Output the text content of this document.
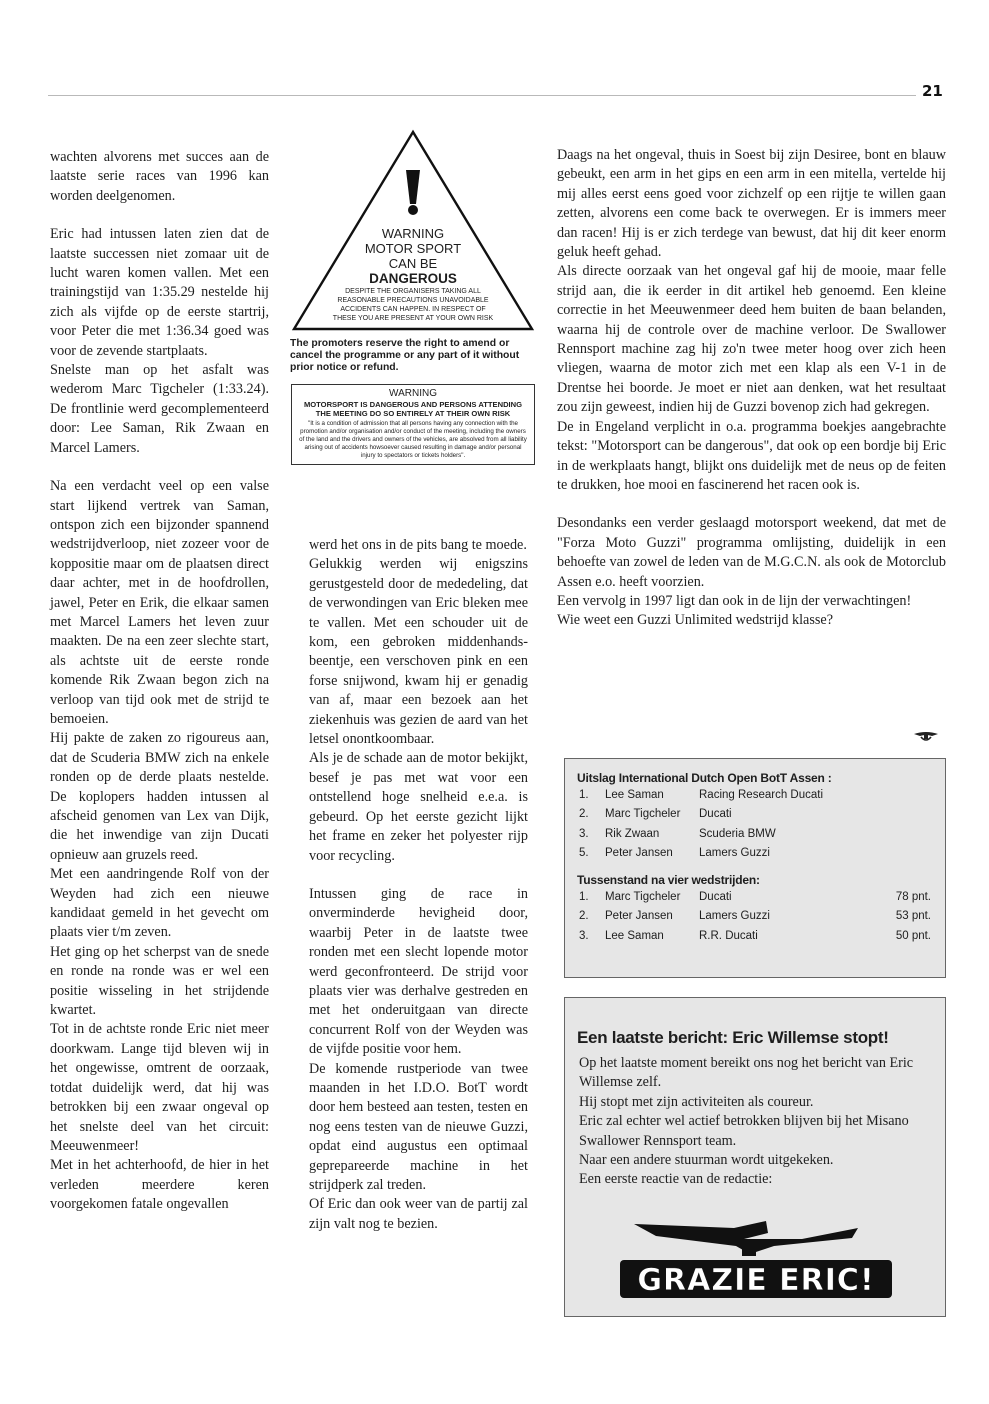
21

wachten alvorens met succes aan de laatste serie races van 1996 kan worden deelgenomen.

Eric had intussen laten zien dat de laatste successen niet zomaar uit de lucht waren komen vallen. Met een trainingstijd van 1:35.29 nestelde hij zich als vijfde op de eerste startrij, voor Peter die met 1:36.34 goed was voor de zevende startplaats.

Snelste man op het asfalt was wederom Marc Tigcheler (1:33.24). De frontlinie werd gecomplementeerd door: Lee Saman, Rik Zwaan en Marcel Lamers.

Na een verdacht veel op een valse start lijkend vertrek van Saman, ontspon zich een bijzonder spannend wedstrijdverloop, niet zozeer voor de koppositie maar om de plaatsen direct daar achter, met in de hoofdrollen, jawel, Peter en Erik, die elkaar samen met Marcel Lamers het leven zuur maakten. De na een zeer slechte start, als achtste uit de eerste ronde komende Rik Zwaan begon zich na verloop van tijd ook met de strijd te bemoeien.

Hij pakte de zaken zo rigoureus aan, dat de Scuderia BMW zich na enkele ronden op de derde plaats nestelde. De koplopers hadden intussen al afscheid genomen van Lex van Dijk, die het inwendige van zijn Ducati opnieuw aan gruzels reed.

Met een aandringende Rolf von der Weyden had zich een nieuwe kandidaat gemeld in het gevecht om plaats vier t/m zeven.

Het ging op het scherpst van de snede en ronde na ronde was er wel een positie wisseling in het strijdende kwartet.

Tot in de achtste ronde Eric niet meer doorkwam. Lange tijd bleven wij in het ongewisse, omtrent de oorzaak, totdat duidelijk werd, dat hij was betrokken bij een zwaar ongeval op het snelste deel van het circuit: Meeuwenmeer!

Met in het achterhoofd, de hier in het verleden meerdere keren voorgekomen fatale ongevallen

WARNING
MOTOR SPORT
CAN BE
DANGEROUS
DESPITE THE ORGANISERS TAKING ALL
REASONABLE PRECAUTIONS UNAVOIDABLE
ACCIDENTS CAN HAPPEN. IN RESPECT OF
THESE YOU ARE PRESENT AT YOUR OWN RISK
The promoters reserve the right to amend or cancel the programme or any part of it without prior notice or refund.
WARNING
MOTORSPORT IS DANGEROUS AND PERSONS ATTENDING THE MEETING DO SO ENTIRELY AT THEIR OWN RISK
"It is a condition of admission that all persons having any connection with the promotion and/or organisation and/or conduct of the meeting, including the owners of the land and the drivers and owners of the vehicles, are absolved from all liability arising out of accidents howsoever caused resulting in damage and/or personal injury to spectators or tickets holders".

werd het ons in de pits bang te moede.

Gelukkig werden wij enigszins gerustgesteld door de mededeling, dat de verwondingen van Eric bleken mee te vallen. Met een schouder uit de kom, een gebroken middenhands-beentje, een verschoven pink en een forse snijwond, kwam hij er genadig van af, maar een bezoek aan het ziekenhuis was gezien de aard van het letsel onontkoombaar.

Als je de schade aan de motor bekijkt, besef je pas met wat voor een ontstellend hoge snelheid e.e.a. is gebeurd. Op het eerste gezicht lijkt het frame en zeker het polyester rijp voor recycling.

Intussen ging de race in onverminderde hevigheid door, waarbij Peter in de laatste twee ronden met een slecht lopende motor werd geconfronteerd. De strijd voor plaats vier was derhalve gestreden en met het onderuitgaan van directe concurrent Rolf von der Weyden was de vijfde positie voor hem.

De komende rustperiode van twee maanden in het I.D.O. BotT wordt door hem besteed aan testen, testen en nog eens testen van de nieuwe Guzzi, opdat eind augustus een optimaal geprepareerde machine in het strijdperk zal treden.

Of Eric dan ook weer van de partij zal zijn valt nog te bezien.

Daags na het ongeval, thuis in Soest bij zijn Desiree, bont en blauw gebeukt, een arm in het gips en een arm in een mitella, vertelde hij mij alles eerst eens goed voor zichzelf op een rijtje te willen gaan zetten, alvorens een come back te overwegen. Er is immers meer dan racen! Hij is er zich terdege van bewust, dat hij dit keer enorm geluk heeft gehad.

Als directe oorzaak van het ongeval gaf hij de mooie, maar felle strijd aan, die ik eerder in dit artikel heb genoemd. Een kleine correctie in het Meeuwenmeer deed hem buiten de baan belanden, waarna hij de controle over de machine verloor. De Swallower Rennsport machine zag hij zo'n twee meter hoog over zich heen vliegen, waarna de motor zich met een klap als een V-1 in de Drentse hei boorde. Je moet er niet aan denken, wat het resultaat zou zijn geweest, indien hij de Guzzi bovenop zich had gekregen.

De in Engeland verplicht in o.a. programma boekjes aangebrachte tekst: "Motorsport can be dangerous", dat ook op een bordje bij Eric in de werkplaats hangt, blijkt ons duidelijk met de neus op de feiten te drukken, hoe mooi en fascinerend het racen ook is.

Desondanks een verder geslaagd motorsport weekend, dat met de "Forza Moto Guzzi" programma omlijsting, duidelijk in een behoefte van zowel de leden van de M.G.C.N. als ook de Motorclub Assen e.o. heeft voorzien.

Een vervolg in 1997 ligt dan ook in de lijn der verwachtingen!

Wie weet een Guzzi Unlimited wedstrijd klasse?

Uitslag International Dutch Open BotT Assen :
1.	Lee Saman	Racing Research Ducati
2.	Marc Tigcheler	Ducati
3.	Rik Zwaan	Scuderia BMW
5.	Peter Jansen	Lamers Guzzi
Tussenstand na vier wedstrijden:
1.	Marc Tigcheler	Ducati	78 pnt.
2.	Peter Jansen	Lamers Guzzi	53 pnt.
3.	Lee Saman	R.R. Ducati	50 pnt.
Een laatste bericht: Eric Willemse stopt!
Op het laatste moment bereikt ons nog het bericht van Eric Willemse zelf.
Hij stopt met zijn activiteiten als coureur.
Eric zal echter wel actief betrokken blijven bij het Misano Swallower Rennsport team.
Naar een andere stuurman wordt uitgekeken.
Een eerste reactie van de redactie:
GRAZIE ERIC!
